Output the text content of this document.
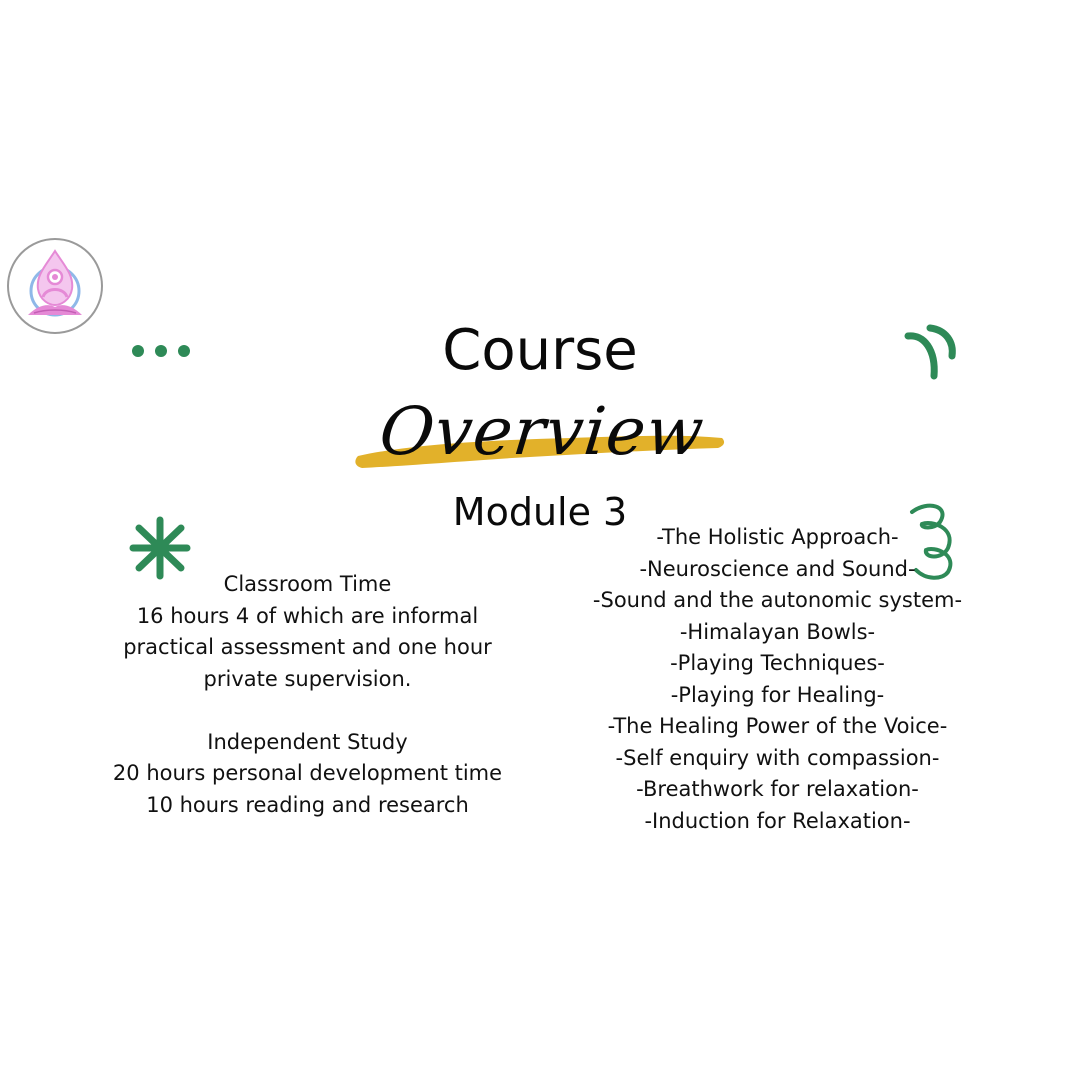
Course
Overview
Module 3
Classroom Time
16 hours 4 of which are informal
practical assessment and one hour
private supervision.
Independent Study
20 hours personal development time
10 hours reading and research
-The Holistic Approach-
-Neuroscience and Sound-
-Sound and the autonomic system-
-Himalayan Bowls-
-Playing Techniques-
-Playing for Healing-
-The Healing Power of the Voice-
-Self enquiry with compassion-
-Breathwork for relaxation-
-Induction for Relaxation-
